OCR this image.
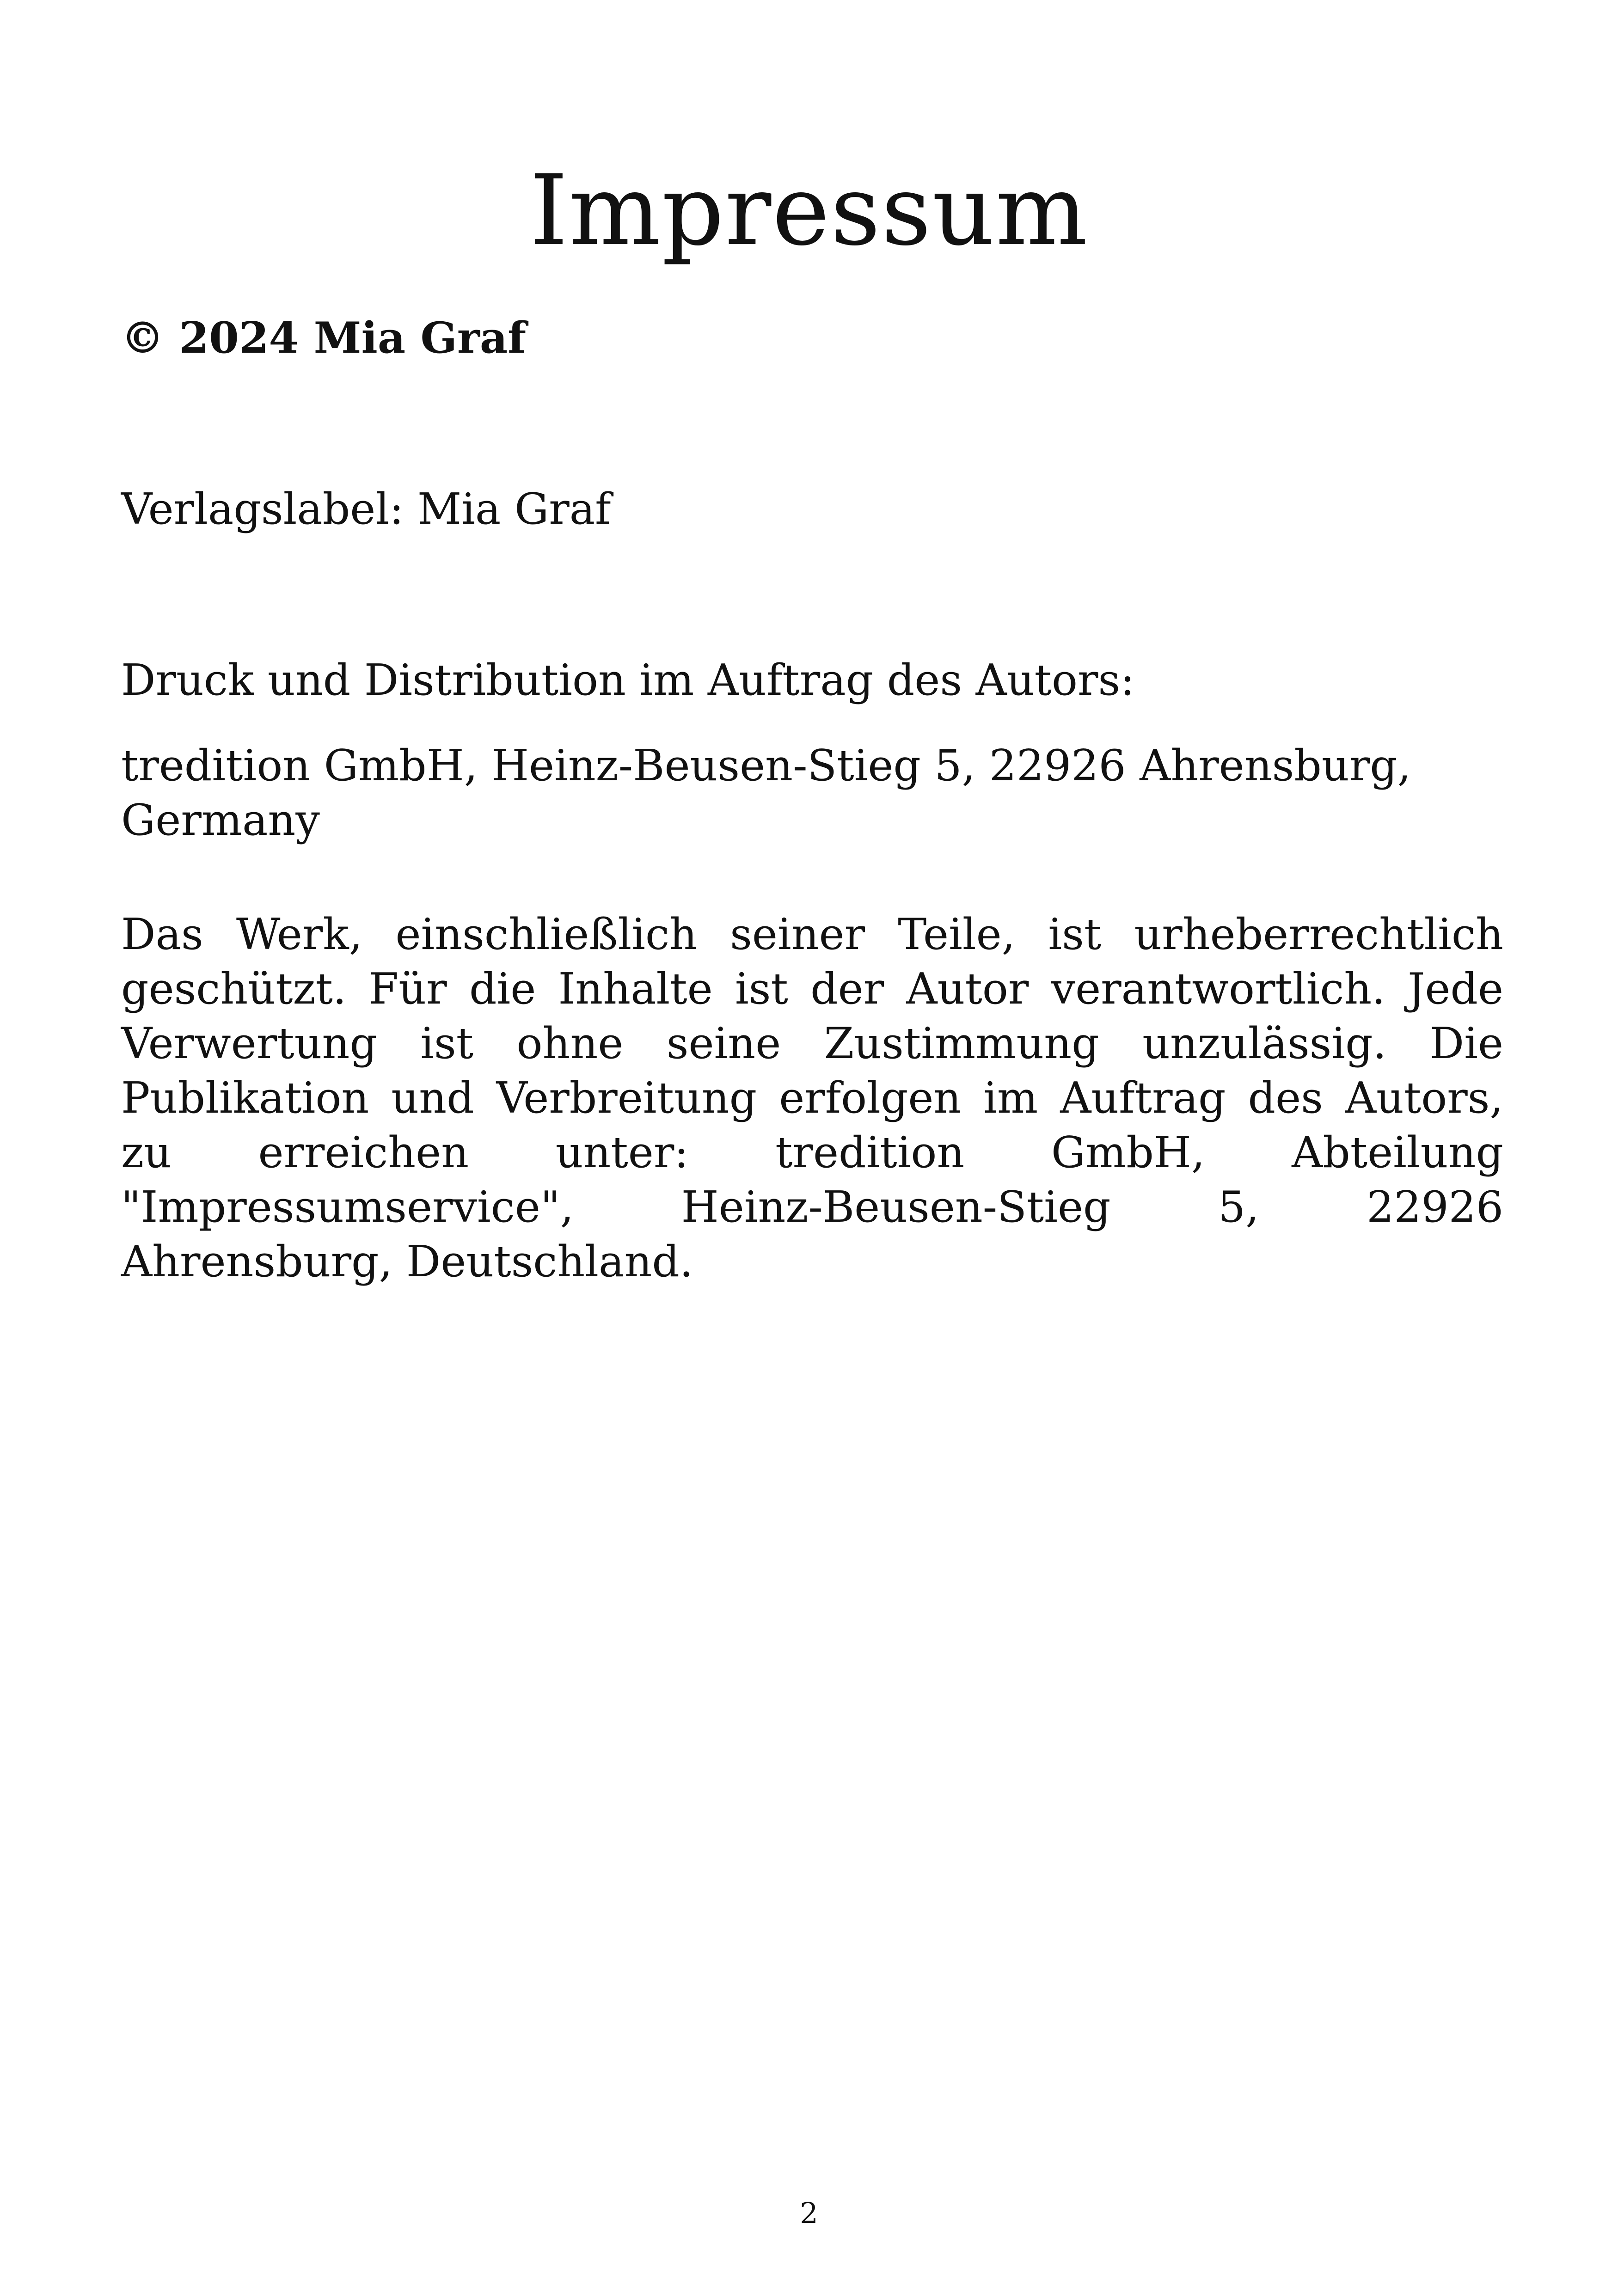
Impressum

© 2024 Mia Graf

Verlagslabel: Mia Graf

Druck und Distribution im Auftrag des Autors:

tredition GmbH, Heinz-Beusen-Stieg 5, 22926 Ahrensburg, Germany

Das Werk, einschließlich seiner Teile, ist urheberrechtlich geschützt. Für die Inhalte ist der Autor verantwortlich. Jede Verwertung ist ohne seine Zustimmung unzulässig. Die Publikation und Verbreitung erfolgen im Auftrag des Autors, zu erreichen unter: tredition GmbH, Abteilung "Impressumservice", Heinz-Beusen-Stieg 5, 22926 Ahrensburg, Deutschland.

2
